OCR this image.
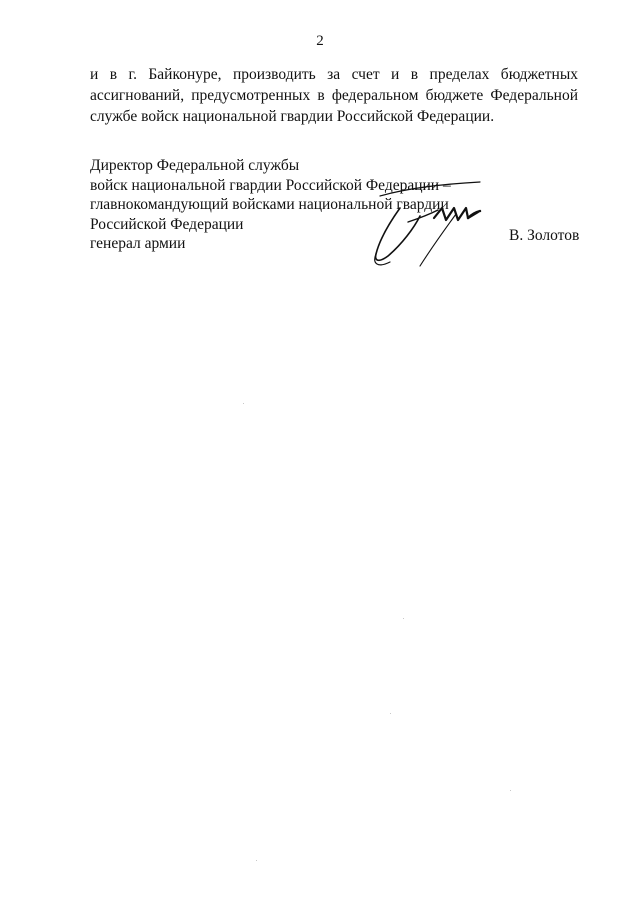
2
и в г. Байконуре, производить за счет и в пределах бюджетных
ассигнований, предусмотренных в федеральном бюджете Федеральной
службе войск национальной гвардии Российской Федерации.
Директор Федеральной службы
войск национальной гвардии Российской Федерации –
главнокомандующий войсками национальной гвардии
Российской Федерации
генерал армии	В. Золотов
